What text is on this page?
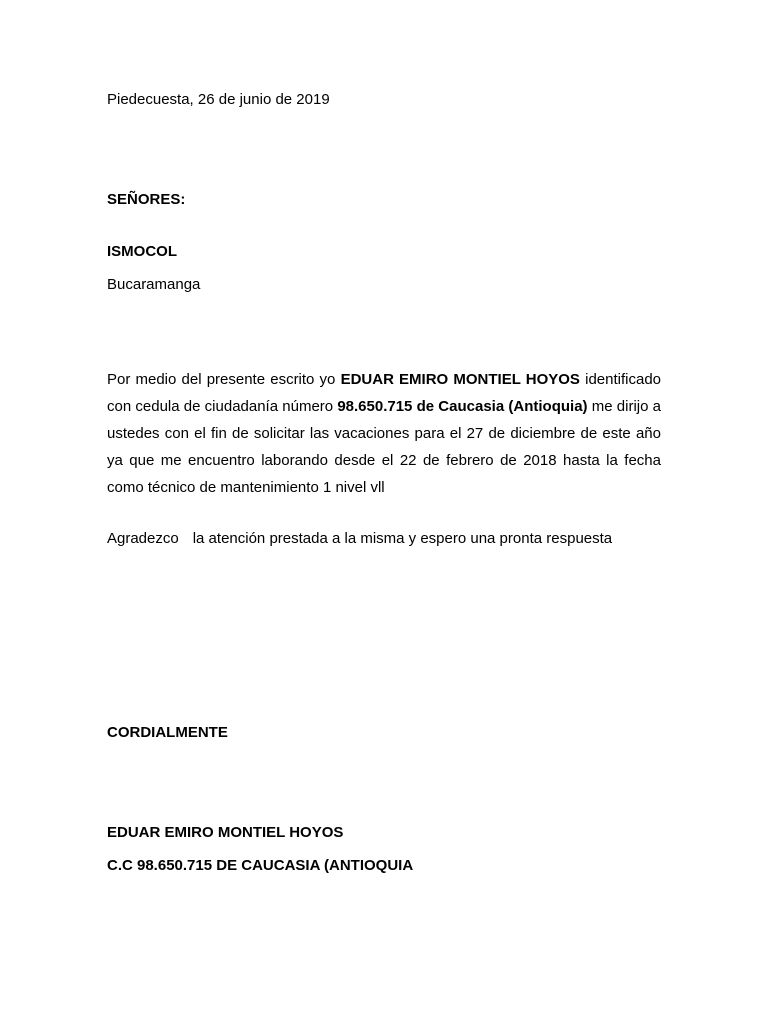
Piedecuesta, 26 de junio de 2019

SEÑORES:

ISMOCOL

Bucaramanga

Por medio del presente escrito yo EDUAR EMIRO MONTIEL HOYOS identificado con cedula de ciudadanía número 98.650.715 de Caucasia (Antioquia) me dirijo a ustedes con el fin de solicitar las vacaciones para el 27 de diciembre de este año ya que me encuentro laborando desde el 22 de febrero de 2018 hasta la fecha como técnico de mantenimiento 1 nivel vll

Agradezco la atención prestada a la misma y espero una pronta respuesta

CORDIALMENTE

EDUAR EMIRO MONTIEL HOYOS

C.C 98.650.715 DE CAUCASIA (ANTIOQUIA
